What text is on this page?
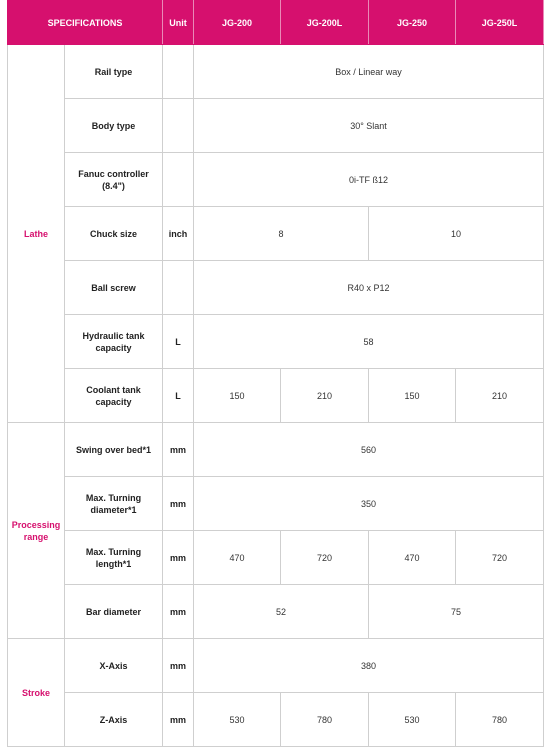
SPECIFICATIONS		Unit	JG-200	JG-200L	JG-250	JG-250L
Lathe	Rail type		Box / Linear way			
	Body type		30° Slant			
	Fanuc controller (8.4")		0i-TF ß12			
	Chuck size	inch	8		10	
	Ball screw		R40 x P12			
	Hydraulic tank capacity	L	58			
	Coolant tank capacity	L	150	210	150	210
Processing range	Swing over bed*1	mm	560			
	Max. Turning diameter*1	mm	350			
	Max. Turning length*1	mm	470	720	470	720
	Bar diameter	mm	52		75	
Stroke	X-Axis	mm	380			
	Z-Axis	mm	530	780	530	780
